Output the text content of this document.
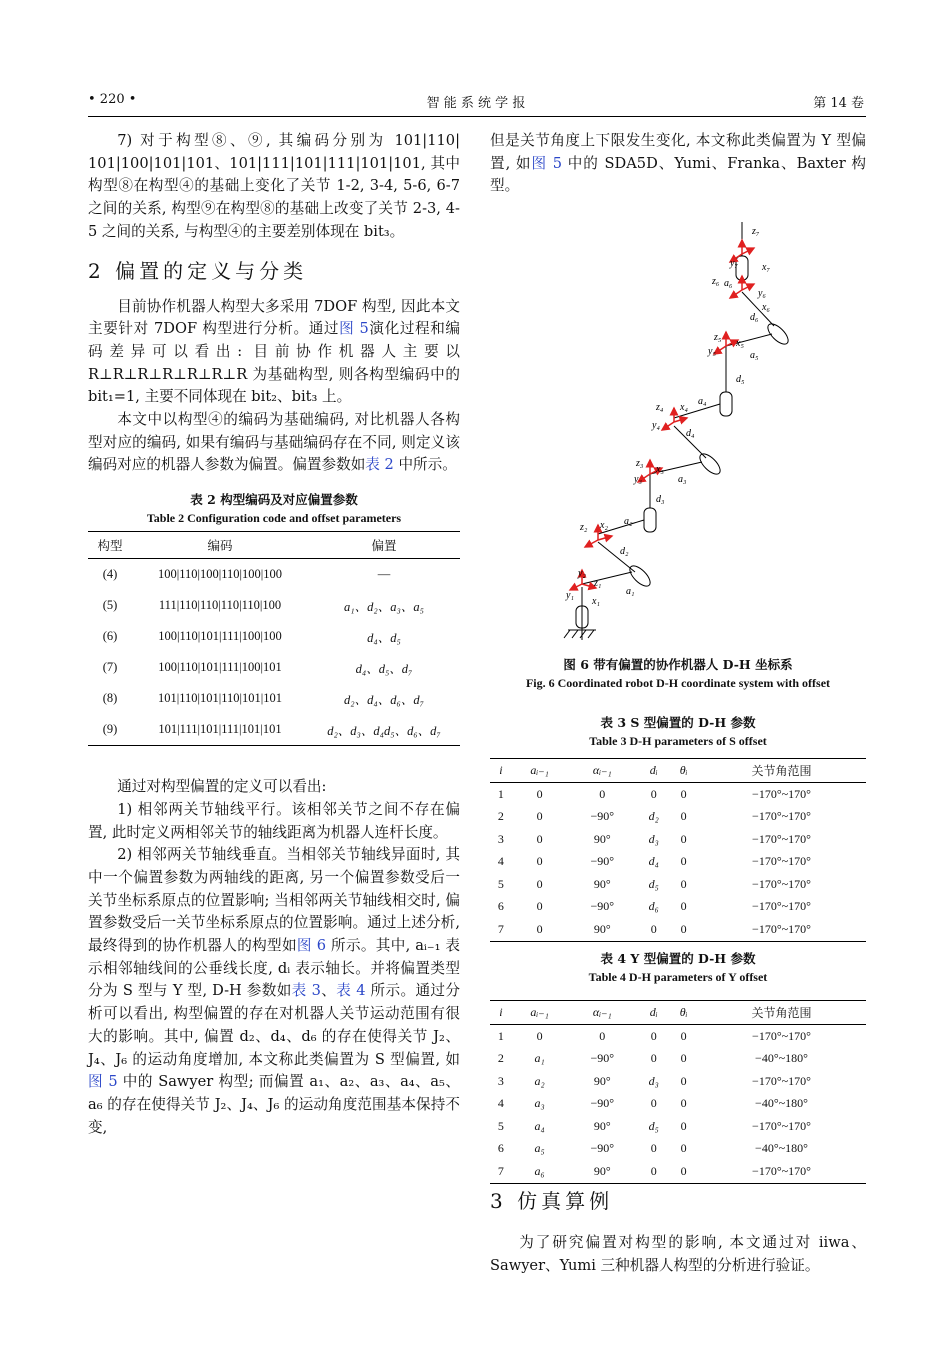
• 220 •	智 能 系 统 学 报	第 14 卷

7) 对于构型⑧、⑨, 其编码分别为 101|110| 101|100|101|101、101|111|101|111|101|101, 其中构型⑧在构型④的基础上变化了关节 1-2, 3-4, 5-6, 6-7 之间的关系, 构型⑨在构型⑧的基础上改变了关节 2-3, 4-5 之间的关系, 与构型④的主要差别体现在 bit₃。

2 偏置的定义与分类

目前协作机器人构型大多采用 7DOF 构型, 因此本文主要针对 7DOF 构型进行分析。通过图 5演化过程和编码差异可以看出: 目前协作机器人主要以 R⊥R⊥R⊥R⊥R⊥R⊥R 为基础构型, 则各构型编码中的 bit₁=1, 主要不同体现在 bit₂、bit₃ 上。

本文中以构型④的编码为基础编码, 对比机器人各构型对应的编码, 如果有编码与基础编码存在不同, 则定义该编码对应的机器人参数为偏置。偏置参数如表 2 中所示。

表 2 构型编码及对应偏置参数
Table 2 Configuration code and offset parameters
构型	编码	偏置
(4)	100|110|100|110|100|100	—
(5)	111|110|110|110|110|100	a₁、d₂、a₃、a₅
(6)	100|110|101|111|100|100	d₄、d₅
(7)	100|110|101|111|100|101	d₄、d₅、d₇
(8)	101|110|101|110|101|101	d₂、d₄、d₆、d₇
(9)	101|111|101|111|101|101	d₂、d₃、d₄d₅、d₆、d₇

通过对构型偏置的定义可以看出:

1) 相邻两关节轴线平行。该相邻关节之间不存在偏置, 此时定义两相邻关节的轴线距离为机器人连杆长度。

2) 相邻两关节轴线垂直。当相邻关节轴线异面时, 其中一个偏置参数为两轴线的距离, 另一个偏置参数受后一关节坐标系原点的位置影响; 当相邻两关节轴线相交时, 偏置参数受后一关节坐标系原点的位置影响。通过上述分析, 最终得到的协作机器人的构型如图 6 所示。其中, aᵢ₋₁ 表示相邻轴线间的公垂线长度, dᵢ 表示轴长。并将偏置类型分为 S 型与 Y 型, D-H 参数如表 3、表 4 所示。通过分析可以看出, 构型偏置的存在对机器人关节运动范围有很大的影响。其中, 偏置 d₂、d₄、d₆ 的存在使得关节 J₂、J₄、J₆ 的运动角度增加, 本文称此类偏置为 S 型偏置, 如图 5 中的 Sawyer 构型; 而偏置 a₁、a₂、a₃、a₄、a₅、a₆ 的存在使得关节 J₂、J₄、J₆ 的运动角度范围基本保持不变,

但是关节角度上下限发生变化, 本文称此类偏置为 Y 型偏置, 如图 5 中的 SDA5D、Yumi、Franka、Baxter 构型。

z₇
y₇ x₇
z₆ a₆
y₆
x₆
d₆
z₅
x₅
y₅	a₅
d₅
z₄ x₄
a₄
y₄
d₄
z₃
x₃
y₃	a₃
d₃
z₂ x₂ a₂
d₂
y₂
z₁
a₁
y₁
x₁
图 6 带有偏置的协作机器人 D-H 坐标系
Fig. 6 Coordinated robot D-H coordinate system with offset
表 3 S 型偏置的 D-H 参数
Table 3 D-H parameters of S offset
i	aᵢ₋₁	αᵢ₋₁	dᵢ	θᵢ	关节角范围
1	0	0	0	0	−170°~170°
2	0	−90°	d₂	0	−170°~170°
3	0	90°	d₃	0	−170°~170°
4	0	−90°	d₄	0	−170°~170°
5	0	90°	d₅	0	−170°~170°
6	0	−90°	d₆	0	−170°~170°
7	0	90°	0	0	−170°~170°
表 4 Y 型偏置的 D-H 参数
Table 4 D-H parameters of Y offset
i	aᵢ₋₁	αᵢ₋₁	dᵢ	θᵢ	关节角范围
1	0	0	0	0	−170°~170°
2	a₁	−90°	0	0	−40°~180°
3	a₂	90°	d₃	0	−170°~170°
4	a₃	−90°	0	0	−40°~180°
5	a₄	90°	d₅	0	−170°~170°
6	a₅	−90°	0	0	−40°~180°
7	a₆	90°	0	0	−170°~170°

3 仿真算例

为了研究偏置对构型的影响, 本文通过对 iiwa、Sawyer、Yumi 三种机器人构型的分析进行验证。
